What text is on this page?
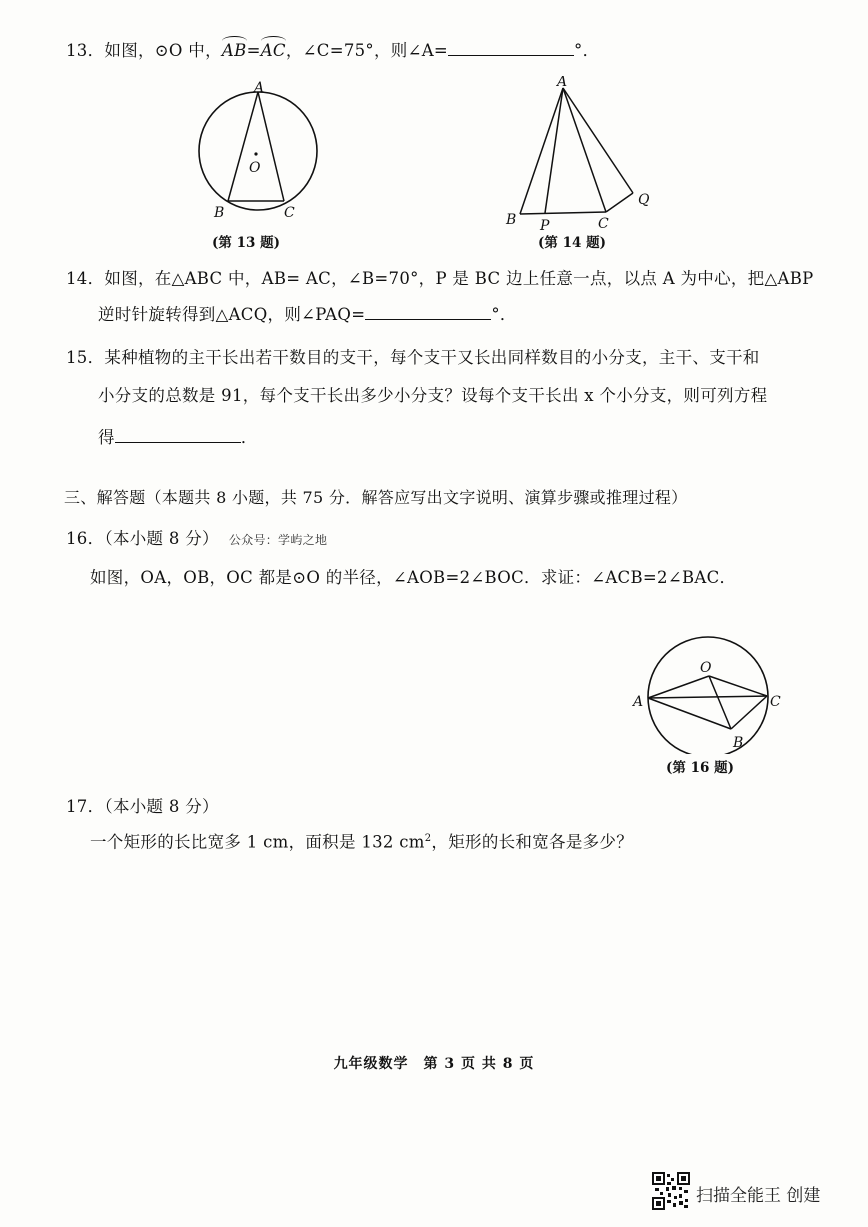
13．如图，⊙O 中，AB=AC，∠C=75°，则∠A=	°．
A
O
B	C
(第 13 题)
A
B P	C
Q
(第 14 题)
14．如图，在△ABC 中，AB= AC，∠B=70°，P 是 BC 边上任意一点，以点 A 为中心，把△ABP
逆时针旋转得到△ACQ，则∠PAQ=	°．
15．某种植物的主干长出若干数目的支干，每个支干又长出同样数目的小分支，主干、支干和
小分支的总数是 91，每个支干长出多少小分支？设每个支干长出 x 个小分支，则可列方程
得	．
三、解答题（本题共 8 小题，共 75 分．解答应写出文字说明、演算步骤或推理过程）
16．（本小题 8 分） 公众号：学屿之地
如图，OA，OB，OC 都是⊙O 的半径，∠AOB=2∠BOC．求证：∠ACB=2∠BAC．
O
A	C
B
(第 16 题)
17．（本小题 8 分）
一个矩形的长比宽多 1 cm，面积是 132 $cm^2$，矩形的长和宽各是多少？
九年级数学　第 3 页 共 8 页
扫描全能王 创建
